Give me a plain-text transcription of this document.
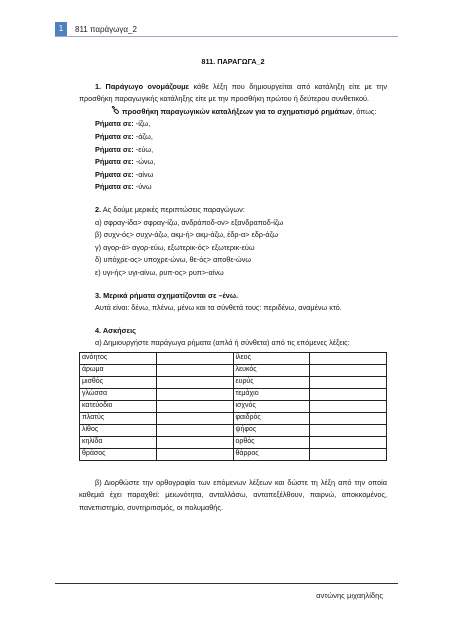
1	811 παράγωγα_2
811. ΠΑΡΑΓΩΓΑ_2
1. Παράγωγο ονομάζουμε κάθε λέξη που δημιουργείται από κατάληξη είτε με την προσθήκη παραγωγικής κατάληξης είτε με την προσθήκη πρώτου ή δεύτερου συνθετικού.
προσθήκη παραγωγικών καταλήξεων για το σχηματισμό ρημάτων, όπως:
Ρήματα σε: -ίζω,
Ρήματα σε: -άζω,
Ρήματα σε: -εύω,
Ρήματα σε: -ώνω,
Ρήματα σε: -αίνω
Ρήματα σε: -ύνω
2. Ας δούμε μερικές περιπτώσεις παραγώγων:
α) σφραγ-ίδα> σφραγ-ίζω, ανδράποδ-ον> εξανδραποδ-ίζω
β) συχν-ός> συχν-άζω, ακμ-ή> ακμ-άζω, έδρ-α> εδρ-άζω
γ) αγορ-ά> αγορ-εύω, εξωτερικ-ός> εξωτερικ-εύω
δ) υπόχρε-ος> υποχρε-ώνω, θε-ός> αποθε-ώνω
ε) υγι-ής> υγι-αίνω, ρυπ-ος> ρυπ>-αίνω
3. Μερικά ρήματα σχηματίζονται σε –ένω.
Αυτά είναι: δένω, πλένω, μένω και τα σύνθετά τους: περιδένω, αναμένω κτό.
4. Ασκήσεις
α) Δημιουργήστε παράγωγα ρήματα (απλά ή σύνθετα) από τις επόμενες λέξεις:
ανόητος		ίλεος	
άρωμα		λευκός	
μισθός		ευρύς	
γλώσσα		τεμάχιο	
κατεύοδιο		ισχνός	
πλατύς		φαιδρός	
λίθος		ψήφος	
κηλίδα		ορθός	
θράσος		θάρρος	
β) Διορθώστε την ορθογραφία των επόμενων λέξεων και δώστε τη λέξη από την οποία καθεμιά έχει παραχθεί: μειωνότητα, ανταλλάσω, ανταπεξέλθουν, παιρνώ, αποκκομένος, πανεπιστημίο, συντηριτισμός, οι πολυμαθής.
αντώνης μιχαηλίδης
